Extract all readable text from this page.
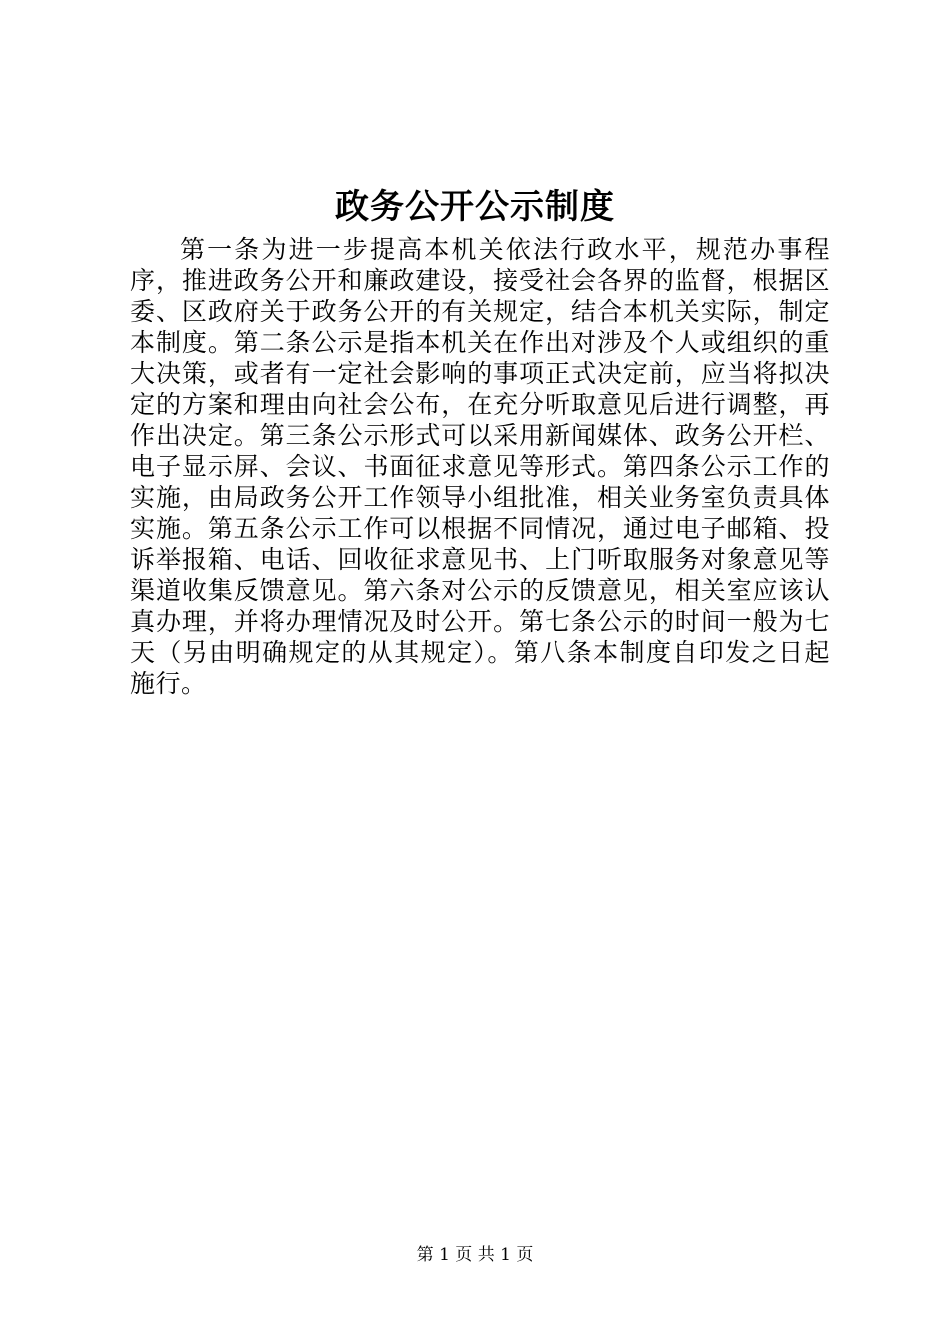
政务公开公示制度

第一条为进一步提高本机关依法行政水平，规范办事程序，推进政务公开和廉政建设，接受社会各界的监督，根据区委、区政府关于政务公开的有关规定，结合本机关实际，制定本制度。第二条公示是指本机关在作出对涉及个人或组织的重大决策，或者有一定社会影响的事项正式决定前，应当将拟决定的方案和理由向社会公布，在充分听取意见后进行调整，再作出决定。第三条公示形式可以采用新闻媒体、政务公开栏、电子显示屏、会议、书面征求意见等形式。第四条公示工作的实施，由局政务公开工作领导小组批准，相关业务室负责具体实施。第五条公示工作可以根据不同情况，通过电子邮箱、投诉举报箱、电话、回收征求意见书、上门听取服务对象意见等渠道收集反馈意见。第六条对公示的反馈意见，相关室应该认真办理，并将办理情况及时公开。第七条公示的时间一般为七天（另由明确规定的从其规定）。第八条本制度自印发之日起施行。

第 1 页 共 1 页
